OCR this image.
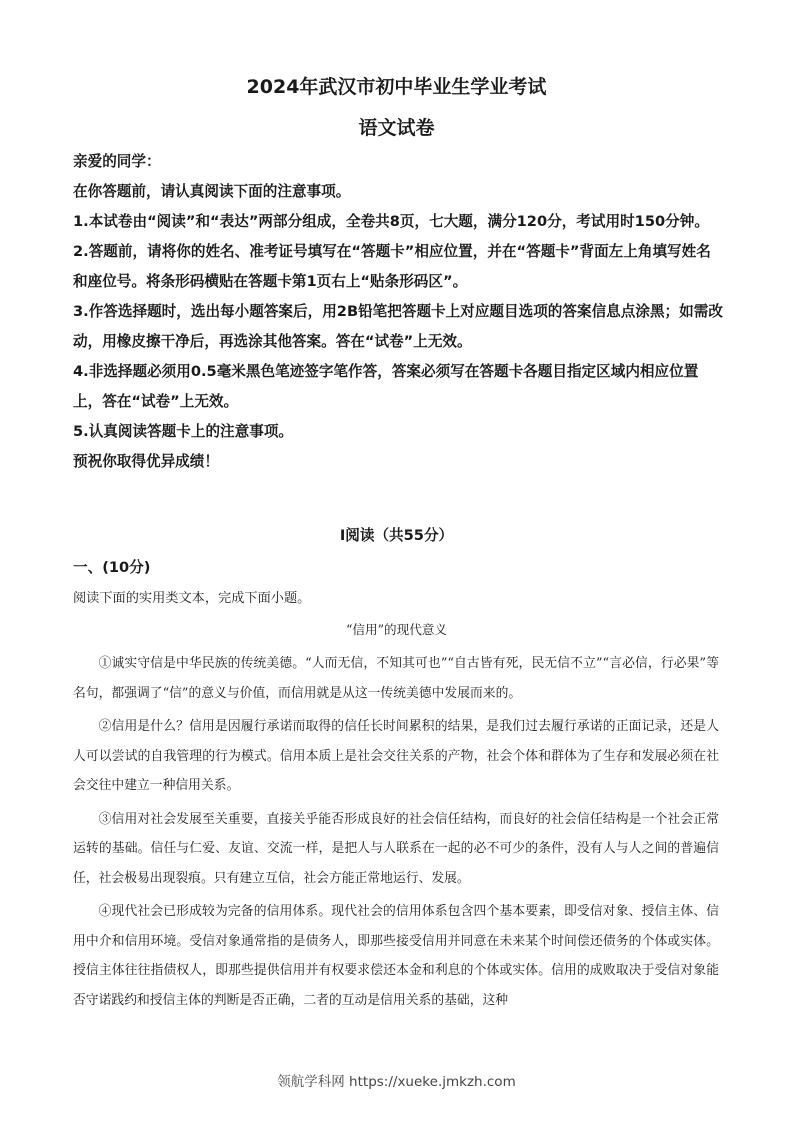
2024年武汉市初中毕业生学业考试
语文试卷

亲爱的同学：

在你答题前，请认真阅读下面的注意事项。

1.本试卷由“阅读”和“表达”两部分组成，全卷共8页，七大题，满分120分，考试用时150分钟。

2.答题前，请将你的姓名、准考证号填写在“答题卡”相应位置，并在“答题卡”背面左上角填写姓名和座位号。将条形码横贴在答题卡第1页右上“贴条形码区”。

3.作答选择题时，选出每小题答案后，用2B铅笔把答题卡上对应题目选项的答案信息点涂黑；如需改动，用橡皮擦干净后，再选涂其他答案。答在“试卷”上无效。

4.非选择题必须用0.5毫米黑色笔迹签字笔作答，答案必须写在答题卡各题目指定区域内相应位置上，答在“试卷”上无效。

5.认真阅读答题卡上的注意事项。

预祝你取得优异成绩！

Ⅰ阅读（共55分）
一、(10分)

阅读下面的实用类文本，完成下面小题。

“信用”的现代意义

①诚实守信是中华民族的传统美德。“人而无信，不知其可也”“自古皆有死，民无信不立”“言必信，行必果”等名句，都强调了“信”的意义与价值，而信用就是从这一传统美德中发展而来的。

②信用是什么？信用是因履行承诺而取得的信任长时间累积的结果，是我们过去履行承诺的正面记录，还是人人可以尝试的自我管理的行为模式。信用本质上是社会交往关系的产物，社会个体和群体为了生存和发展必须在社会交往中建立一种信用关系。

③信用对社会发展至关重要，直接关乎能否形成良好的社会信任结构，而良好的社会信任结构是一个社会正常运转的基础。信任与仁爱、友谊、交流一样，是把人与人联系在一起的必不可少的条件，没有人与人之间的普遍信任，社会极易出现裂痕。只有建立互信，社会方能正常地运行、发展。

④现代社会已形成较为完备的信用体系。现代社会的信用体系包含四个基本要素，即受信对象、授信主体、信用中介和信用环境。受信对象通常指的是债务人，即那些接受信用并同意在未来某个时间偿还债务的个体或实体。授信主体往往指债权人，即那些提供信用并有权要求偿还本金和利息的个体或实体。信用的成败取决于受信对象能否守诺践约和授信主体的判断是否正确，二者的互动是信用关系的基础，这种

领航学科网 https://xueke.jmkzh.com
